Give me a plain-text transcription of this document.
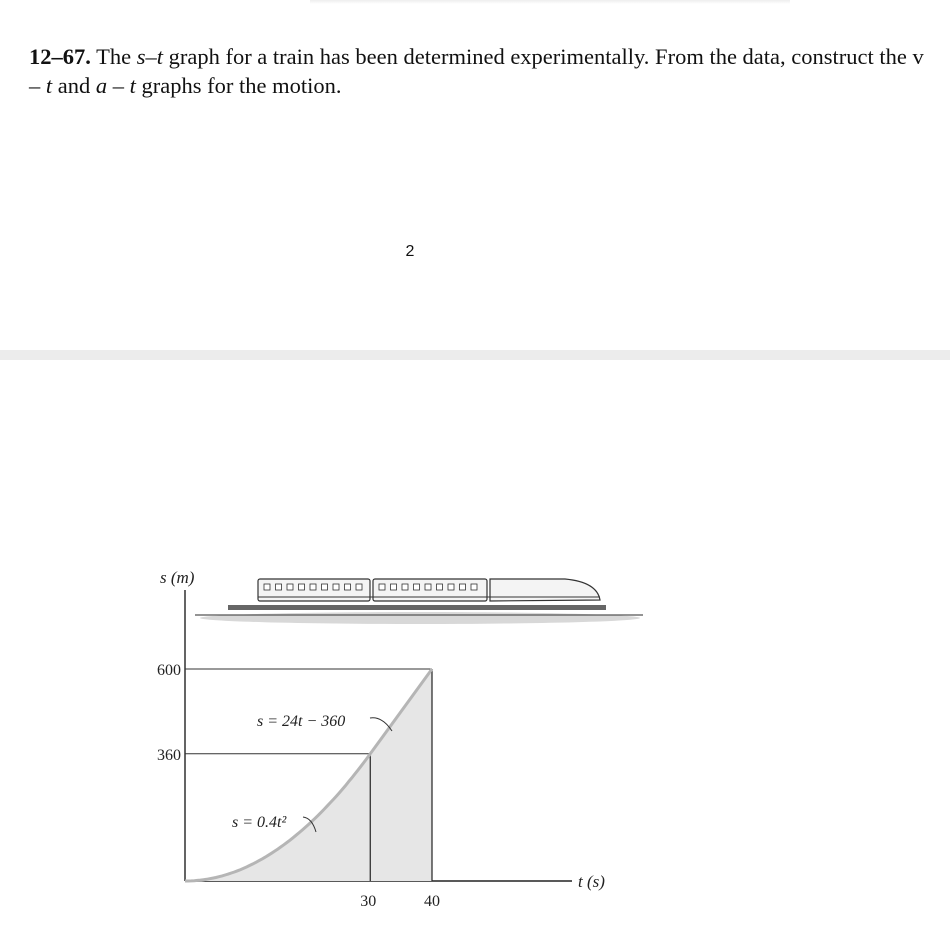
12–67. The s–t graph for a train has been determined experimentally. From the data, construct the v – t and a – t graphs for the motion.
2
600
360
30	40
s (m)
t (s)
s = 24t − 360
s = 0.4t²
